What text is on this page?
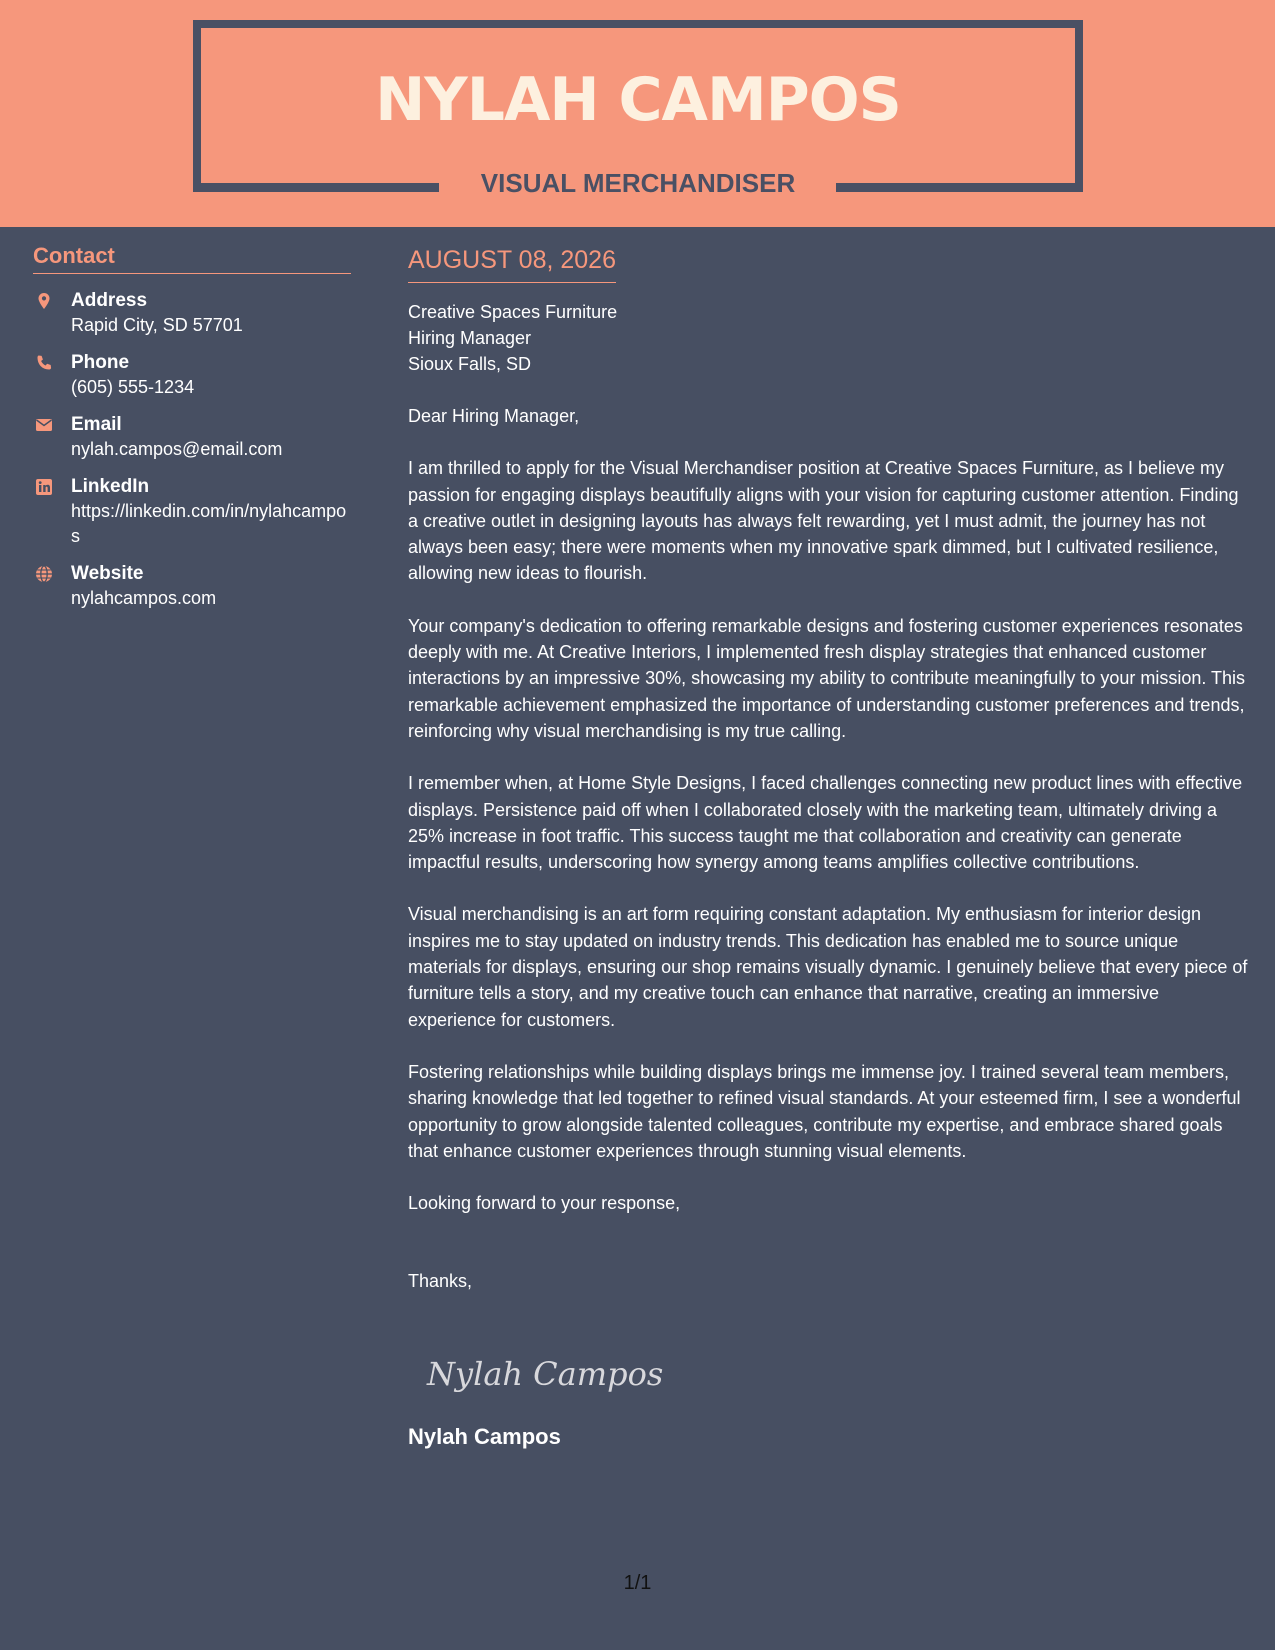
NYLAH CAMPOS
VISUAL MERCHANDISER
Contact
Address
Rapid City, SD 57701
Phone
(605) 555-1234
Email
nylah.campos@email.com
LinkedIn
https://linkedin.com/in/nylahcampos
Website
nylahcampos.com
AUGUST 08, 2026
Creative Spaces Furniture
Hiring Manager
Sioux Falls, SD

Dear Hiring Manager,

I am thrilled to apply for the Visual Merchandiser position at Creative Spaces Furniture, as I believe my passion for engaging displays beautifully aligns with your vision for capturing customer attention. Finding a creative outlet in designing layouts has always felt rewarding, yet I must admit, the journey has not always been easy; there were moments when my innovative spark dimmed, but I cultivated resilience, allowing new ideas to flourish.

Your company's dedication to offering remarkable designs and fostering customer experiences resonates deeply with me. At Creative Interiors, I implemented fresh display strategies that enhanced customer interactions by an impressive 30%, showcasing my ability to contribute meaningfully to your mission. This remarkable achievement emphasized the importance of understanding customer preferences and trends, reinforcing why visual merchandising is my true calling.

I remember when, at Home Style Designs, I faced challenges connecting new product lines with effective displays. Persistence paid off when I collaborated closely with the marketing team, ultimately driving a 25% increase in foot traffic. This success taught me that collaboration and creativity can generate impactful results, underscoring how synergy among teams amplifies collective contributions.

Visual merchandising is an art form requiring constant adaptation. My enthusiasm for interior design inspires me to stay updated on industry trends. This dedication has enabled me to source unique materials for displays, ensuring our shop remains visually dynamic. I genuinely believe that every piece of furniture tells a story, and my creative touch can enhance that narrative, creating an immersive experience for customers.

Fostering relationships while building displays brings me immense joy. I trained several team members, sharing knowledge that led together to refined visual standards. At your esteemed firm, I see a wonderful opportunity to grow alongside talented colleagues, contribute my expertise, and embrace shared goals that enhance customer experiences through stunning visual elements.

Looking forward to your response,

Thanks,

Nylah Campos
Nylah Campos
1/1
